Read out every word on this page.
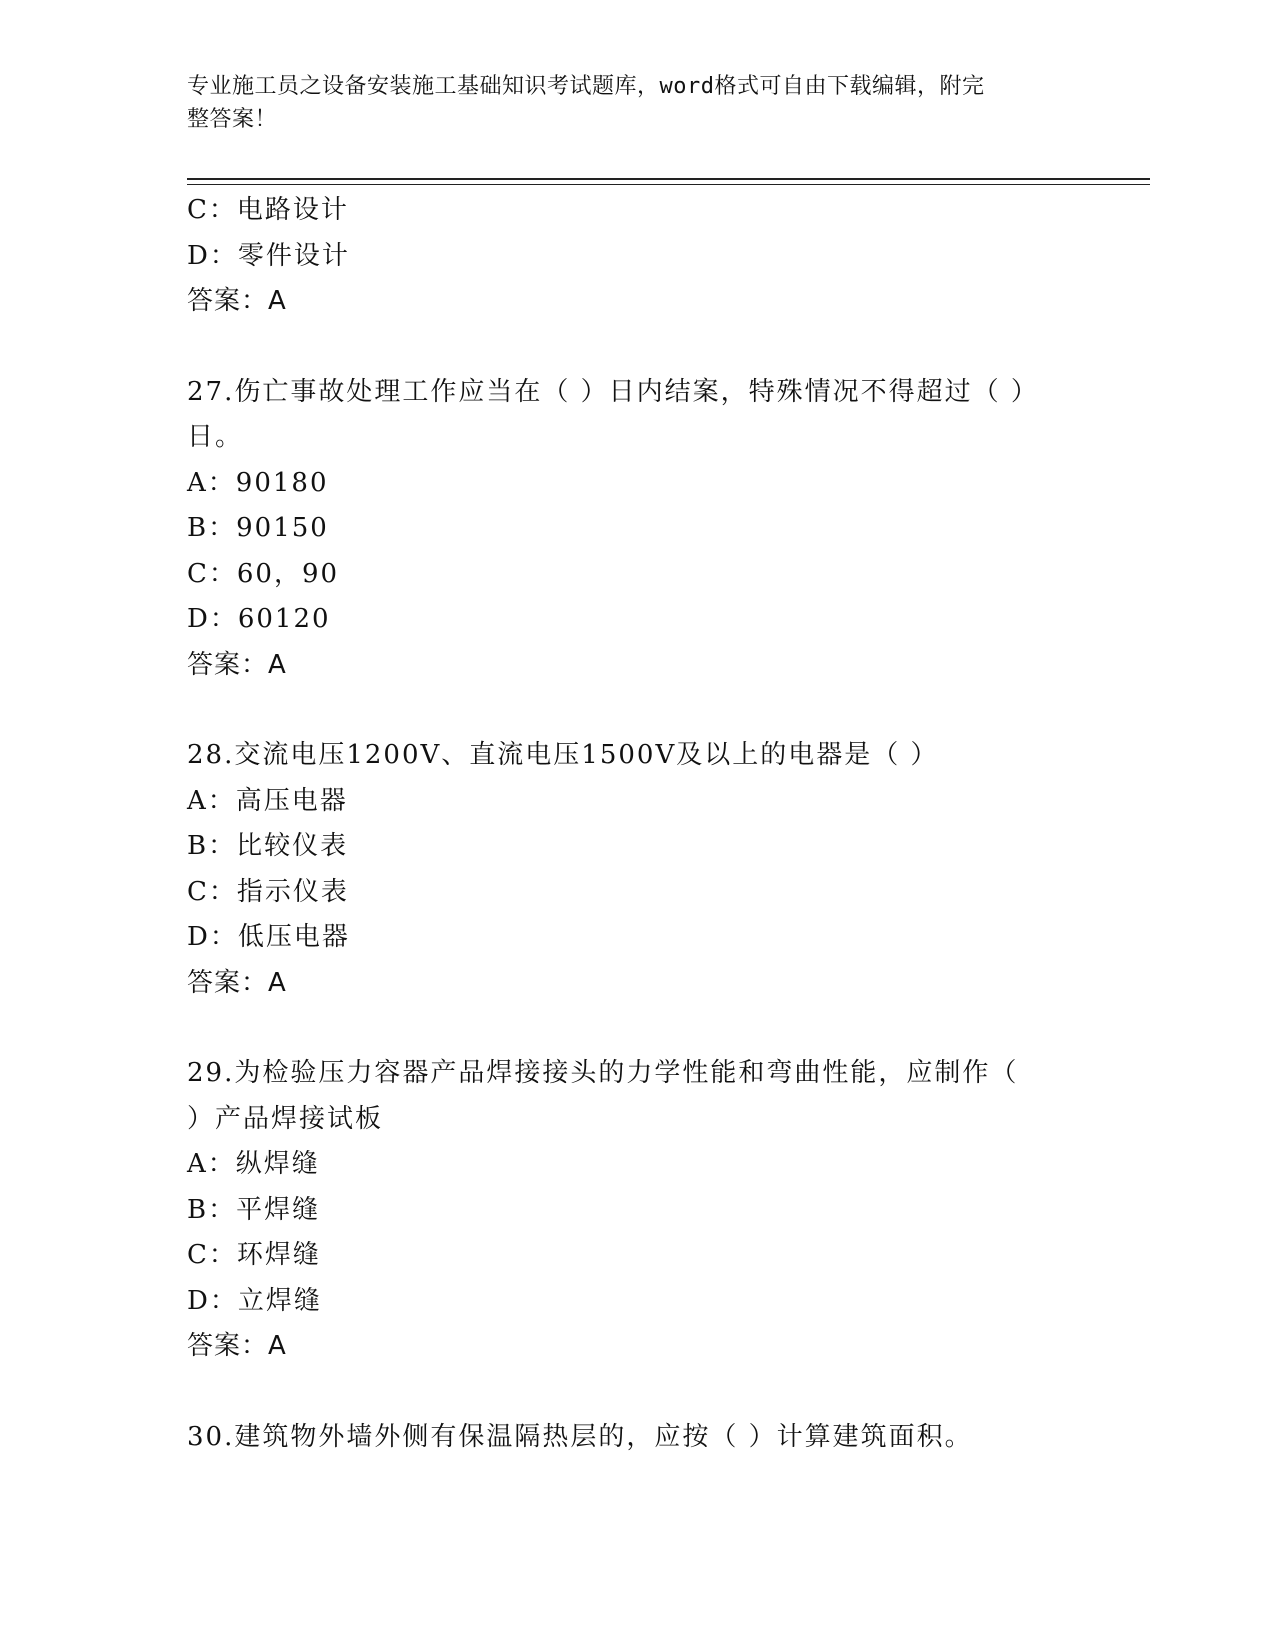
专业施工员之设备安装施工基础知识考试题库，word格式可自由下载编辑，附完
整答案！
C：电路设计
D：零件设计
答案：A
27.伤亡事故处理工作应当在（ ）日内结案，特殊情况不得超过（ ）
日。
A：90180
B：90150
C：60，90
D：60120
答案：A
28.交流电压1200V、直流电压1500V及以上的电器是（ ）
A：高压电器
B：比较仪表
C：指示仪表
D：低压电器
答案：A
29.为检验压力容器产品焊接接头的力学性能和弯曲性能，应制作（
）产品焊接试板
A：纵焊缝
B：平焊缝
C：环焊缝
D：立焊缝
答案：A
30.建筑物外墙外侧有保温隔热层的，应按（ ）计算建筑面积。
